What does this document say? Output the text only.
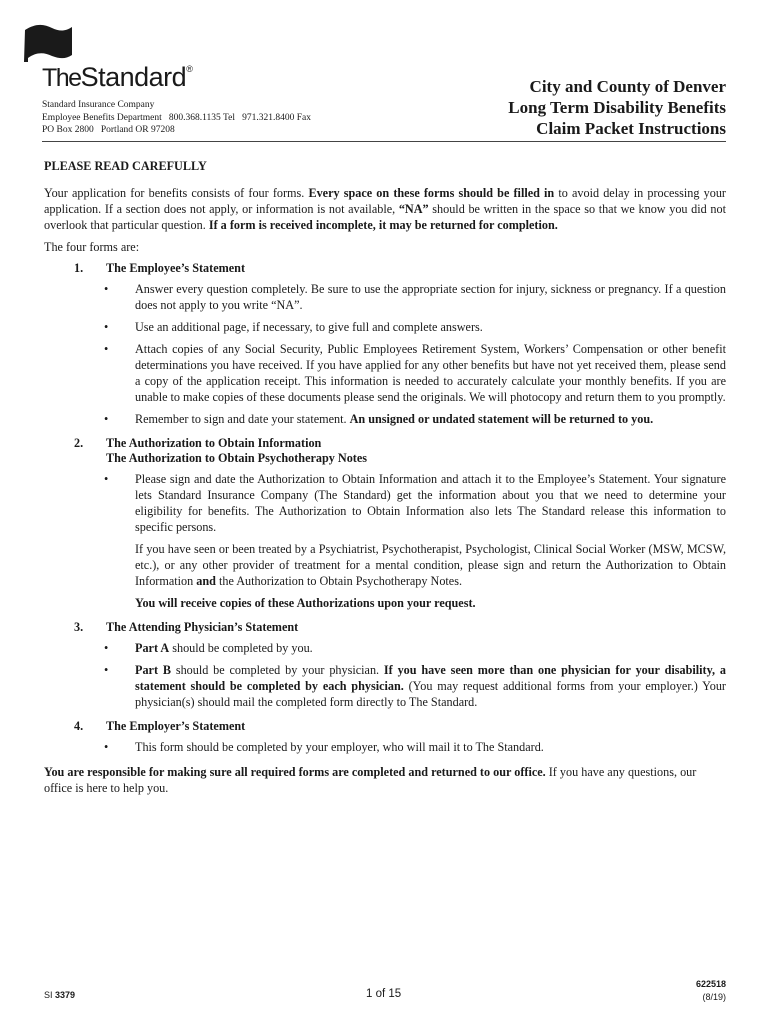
TheStandard®
Standard Insurance Company
Employee Benefits Department   800.368.1135 Tel   971.321.8400 Fax
PO Box 2800   Portland OR 97208
City and County of Denver
Long Term Disability Benefits
Claim Packet Instructions

PLEASE READ CAREFULLY

Your application for benefits consists of four forms. Every space on these forms should be filled in to avoid delay in processing your application. If a section does not apply, or information is not available, “NA” should be written in the space so that we know you did not overlook that particular question. If a form is received incomplete, it may be returned for completion.

The four forms are:

1.	The Employee’s Statement
•	Answer every question completely. Be sure to use the appropriate section for injury, sickness or pregnancy. If a question does not apply to you write “NA”.
•	Use an additional page, if necessary, to give full and complete answers.
•	Attach copies of any Social Security, Public Employees Retirement System, Workers’ Compensation or other benefit determinations you have received. If you have applied for any other benefits but have not yet received them, please send a copy of the application receipt. This information is needed to accurately calculate your monthly benefits. If you are unable to make copies of these documents please send the originals. We will photocopy and return them to you promptly.
•	Remember to sign and date your statement. An unsigned or undated statement will be returned to you.
2.	The Authorization to Obtain Information
The Authorization to Obtain Psychotherapy Notes
•	Please sign and date the Authorization to Obtain Information and attach it to the Employee’s Statement. Your signature lets Standard Insurance Company (The Standard) get the information about you that we need to determine your eligibility for benefits. The Authorization to Obtain Information also lets The Standard release this information to specific persons.

If you have seen or been treated by a Psychiatrist, Psychotherapist, Psychologist, Clinical Social Worker (MSW, MCSW, etc.), or any other provider of treatment for a mental condition, please sign and return the Authorization to Obtain Information and the Authorization to Obtain Psychotherapy Notes.

You will receive copies of these Authorizations upon your request.

3.	The Attending Physician’s Statement
•	Part A should be completed by you.
•	Part B should be completed by your physician. If you have seen more than one physician for your disability, a statement should be completed by each physician. (You may request additional forms from your employer.) Your physician(s) should mail the completed form directly to The Standard.
4.	The Employer’s Statement
•	This form should be completed by your employer, who will mail it to The Standard.

You are responsible for making sure all required forms are completed and returned to our office. If you have any questions, our office is here to help you.

SI 3379	1 of 15
622518
(8/19)
